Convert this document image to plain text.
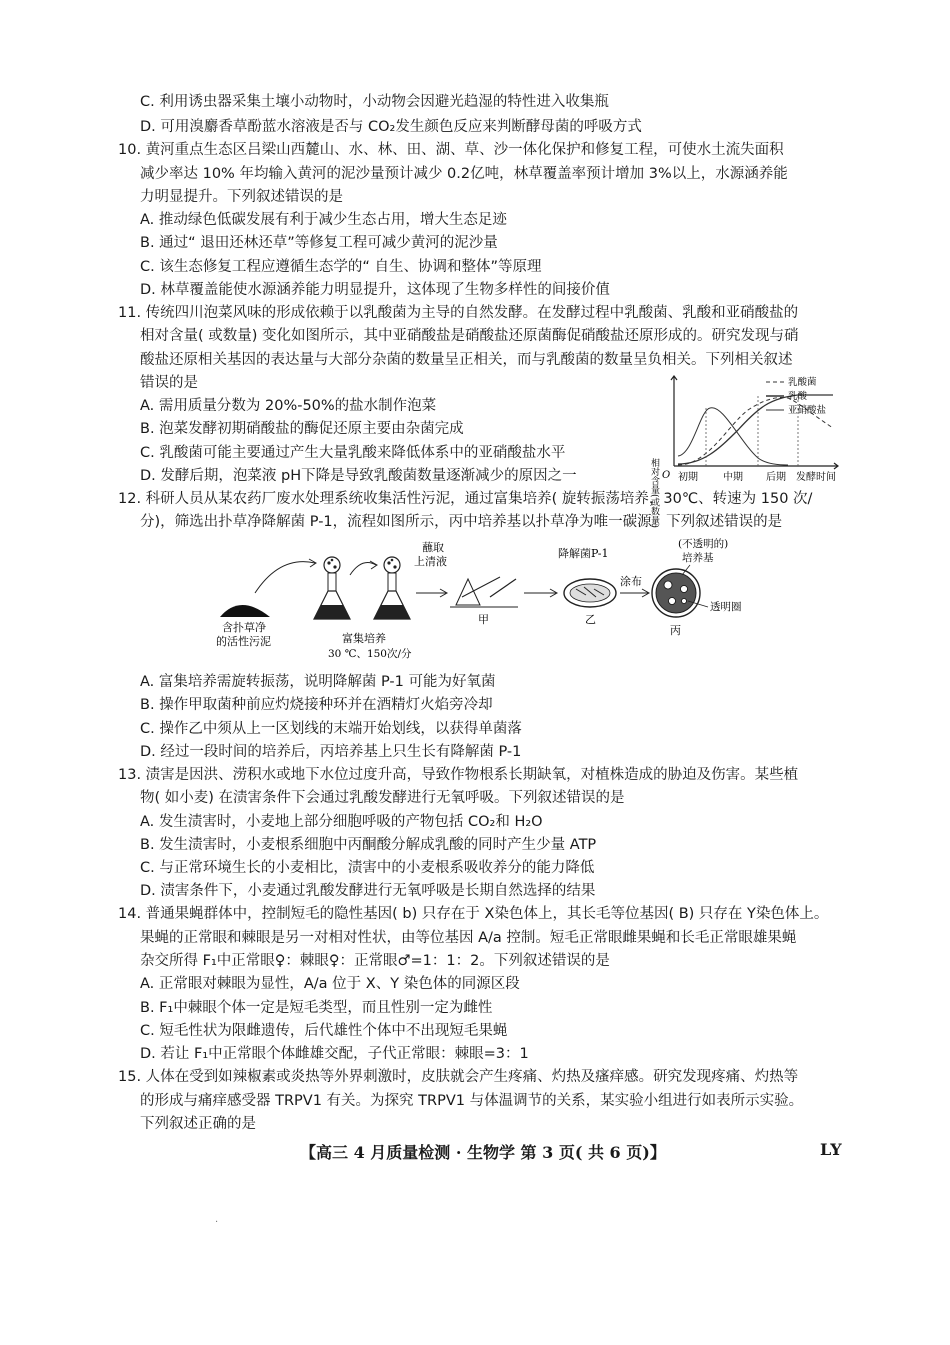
C. 利用诱虫器采集土壤小动物时，小动物会因避光趋湿的特性进入收集瓶
D. 可用溴麝香草酚蓝水溶液是否与 CO₂发生颜色反应来判断酵母菌的呼吸方式
10. 黄河重点生态区吕梁山西麓山、水、林、田、湖、草、沙一体化保护和修复工程，可使水土流失面积
减少率达 10% 年均输入黄河的泥沙量预计减少 0.2亿吨，林草覆盖率预计增加 3%以上，水源涵养能
力明显提升。下列叙述错误的是
A. 推动绿色低碳发展有利于减少生态占用，增大生态足迹
B. 通过“ 退田还林还草”等修复工程可减少黄河的泥沙量
C. 该生态修复工程应遵循生态学的“ 自生、协调和整体”等原理
D. 林草覆盖能使水源涵养能力明显提升，这体现了生物多样性的间接价值
11. 传统四川泡菜风味的形成依赖于以乳酸菌为主导的自然发酵。在发酵过程中乳酸菌、乳酸和亚硝酸盐的
相对含量( 或数量) 变化如图所示，其中亚硝酸盐是硝酸盐还原菌酶促硝酸盐还原形成的。研究发现与硝
酸盐还原相关基因的表达量与大部分杂菌的数量呈正相关，而与乳酸菌的数量呈负相关。下列相关叙述
错误的是
A. 需用质量分数为 20%-50%的盐水制作泡菜
B. 泡菜发酵初期硝酸盐的酶促还原主要由杂菌完成
C. 乳酸菌可能主要通过产生大量乳酸来降低体系中的亚硝酸盐水平
D. 发酵后期，泡菜液 pH下降是导致乳酸菌数量逐渐减少的原因之一	相对含量(或数量) O 初期	中期 后期 发酵时间
乳酸菌
乳酸
亚硝酸盐
12. 科研人员从某农药厂废水处理系统收集活性污泥，通过富集培养( 旋转振荡培养，30℃、转速为 150 次/
分)，筛选出扑草净降解菌 P-1，流程如图所示，丙中培养基以扑草净为唯一碳源。下列叙述错误的是
含扑草净
的活性污泥	富集培养
30 ℃、150次/分
蘸取
上清液
甲
降解菌P-1
乙
涂布
(不透明的)
培养基
透明圈
丙
A. 富集培养需旋转振荡，说明降解菌 P-1 可能为好氧菌
B. 操作甲取菌种前应灼烧接种环并在酒精灯火焰旁冷却
C. 操作乙中须从上一区划线的末端开始划线，以获得单菌落
D. 经过一段时间的培养后，丙培养基上只生长有降解菌 P-1
13. 渍害是因洪、涝积水或地下水位过度升高，导致作物根系长期缺氧，对植株造成的胁迫及伤害。某些植
物( 如小麦) 在渍害条件下会通过乳酸发酵进行无氧呼吸。下列叙述错误的是
A. 发生渍害时，小麦地上部分细胞呼吸的产物包括 CO₂和 H₂O
B. 发生渍害时，小麦根系细胞中丙酮酸分解成乳酸的同时产生少量 ATP
C. 与正常环境生长的小麦相比，渍害中的小麦根系吸收养分的能力降低
D. 渍害条件下，小麦通过乳酸发酵进行无氧呼吸是长期自然选择的结果
14. 普通果蝇群体中，控制短毛的隐性基因( b) 只存在于 X染色体上，其长毛等位基因( B) 只存在 Y染色体上。
果蝇的正常眼和棘眼是另一对相对性状，由等位基因 A/a 控制。短毛正常眼雌果蝇和长毛正常眼雄果蝇
杂交所得 F₁中正常眼♀：棘眼♀：正常眼♂=1：1：2。下列叙述错误的是
A. 正常眼对棘眼为显性，A/a 位于 X、Y 染色体的同源区段
B. F₁中棘眼个体一定是短毛类型，而且性别一定为雌性
C. 短毛性状为限雌遗传，后代雄性个体中不出现短毛果蝇
D. 若让 F₁中正常眼个体雌雄交配，子代正常眼：棘眼=3：1
15. 人体在受到如辣椒素或炎热等外界刺激时，皮肤就会产生疼痛、灼热及瘙痒感。研究发现疼痛、灼热等
的形成与痛痒感受器 TRPV1 有关。为探究 TRPV1 与体温调节的关系，某实验小组进行如表所示实验。
下列叙述正确的是
【高三 4 月质量检测 · 生物学 第 3 页( 共 6 页)】	LY
.
